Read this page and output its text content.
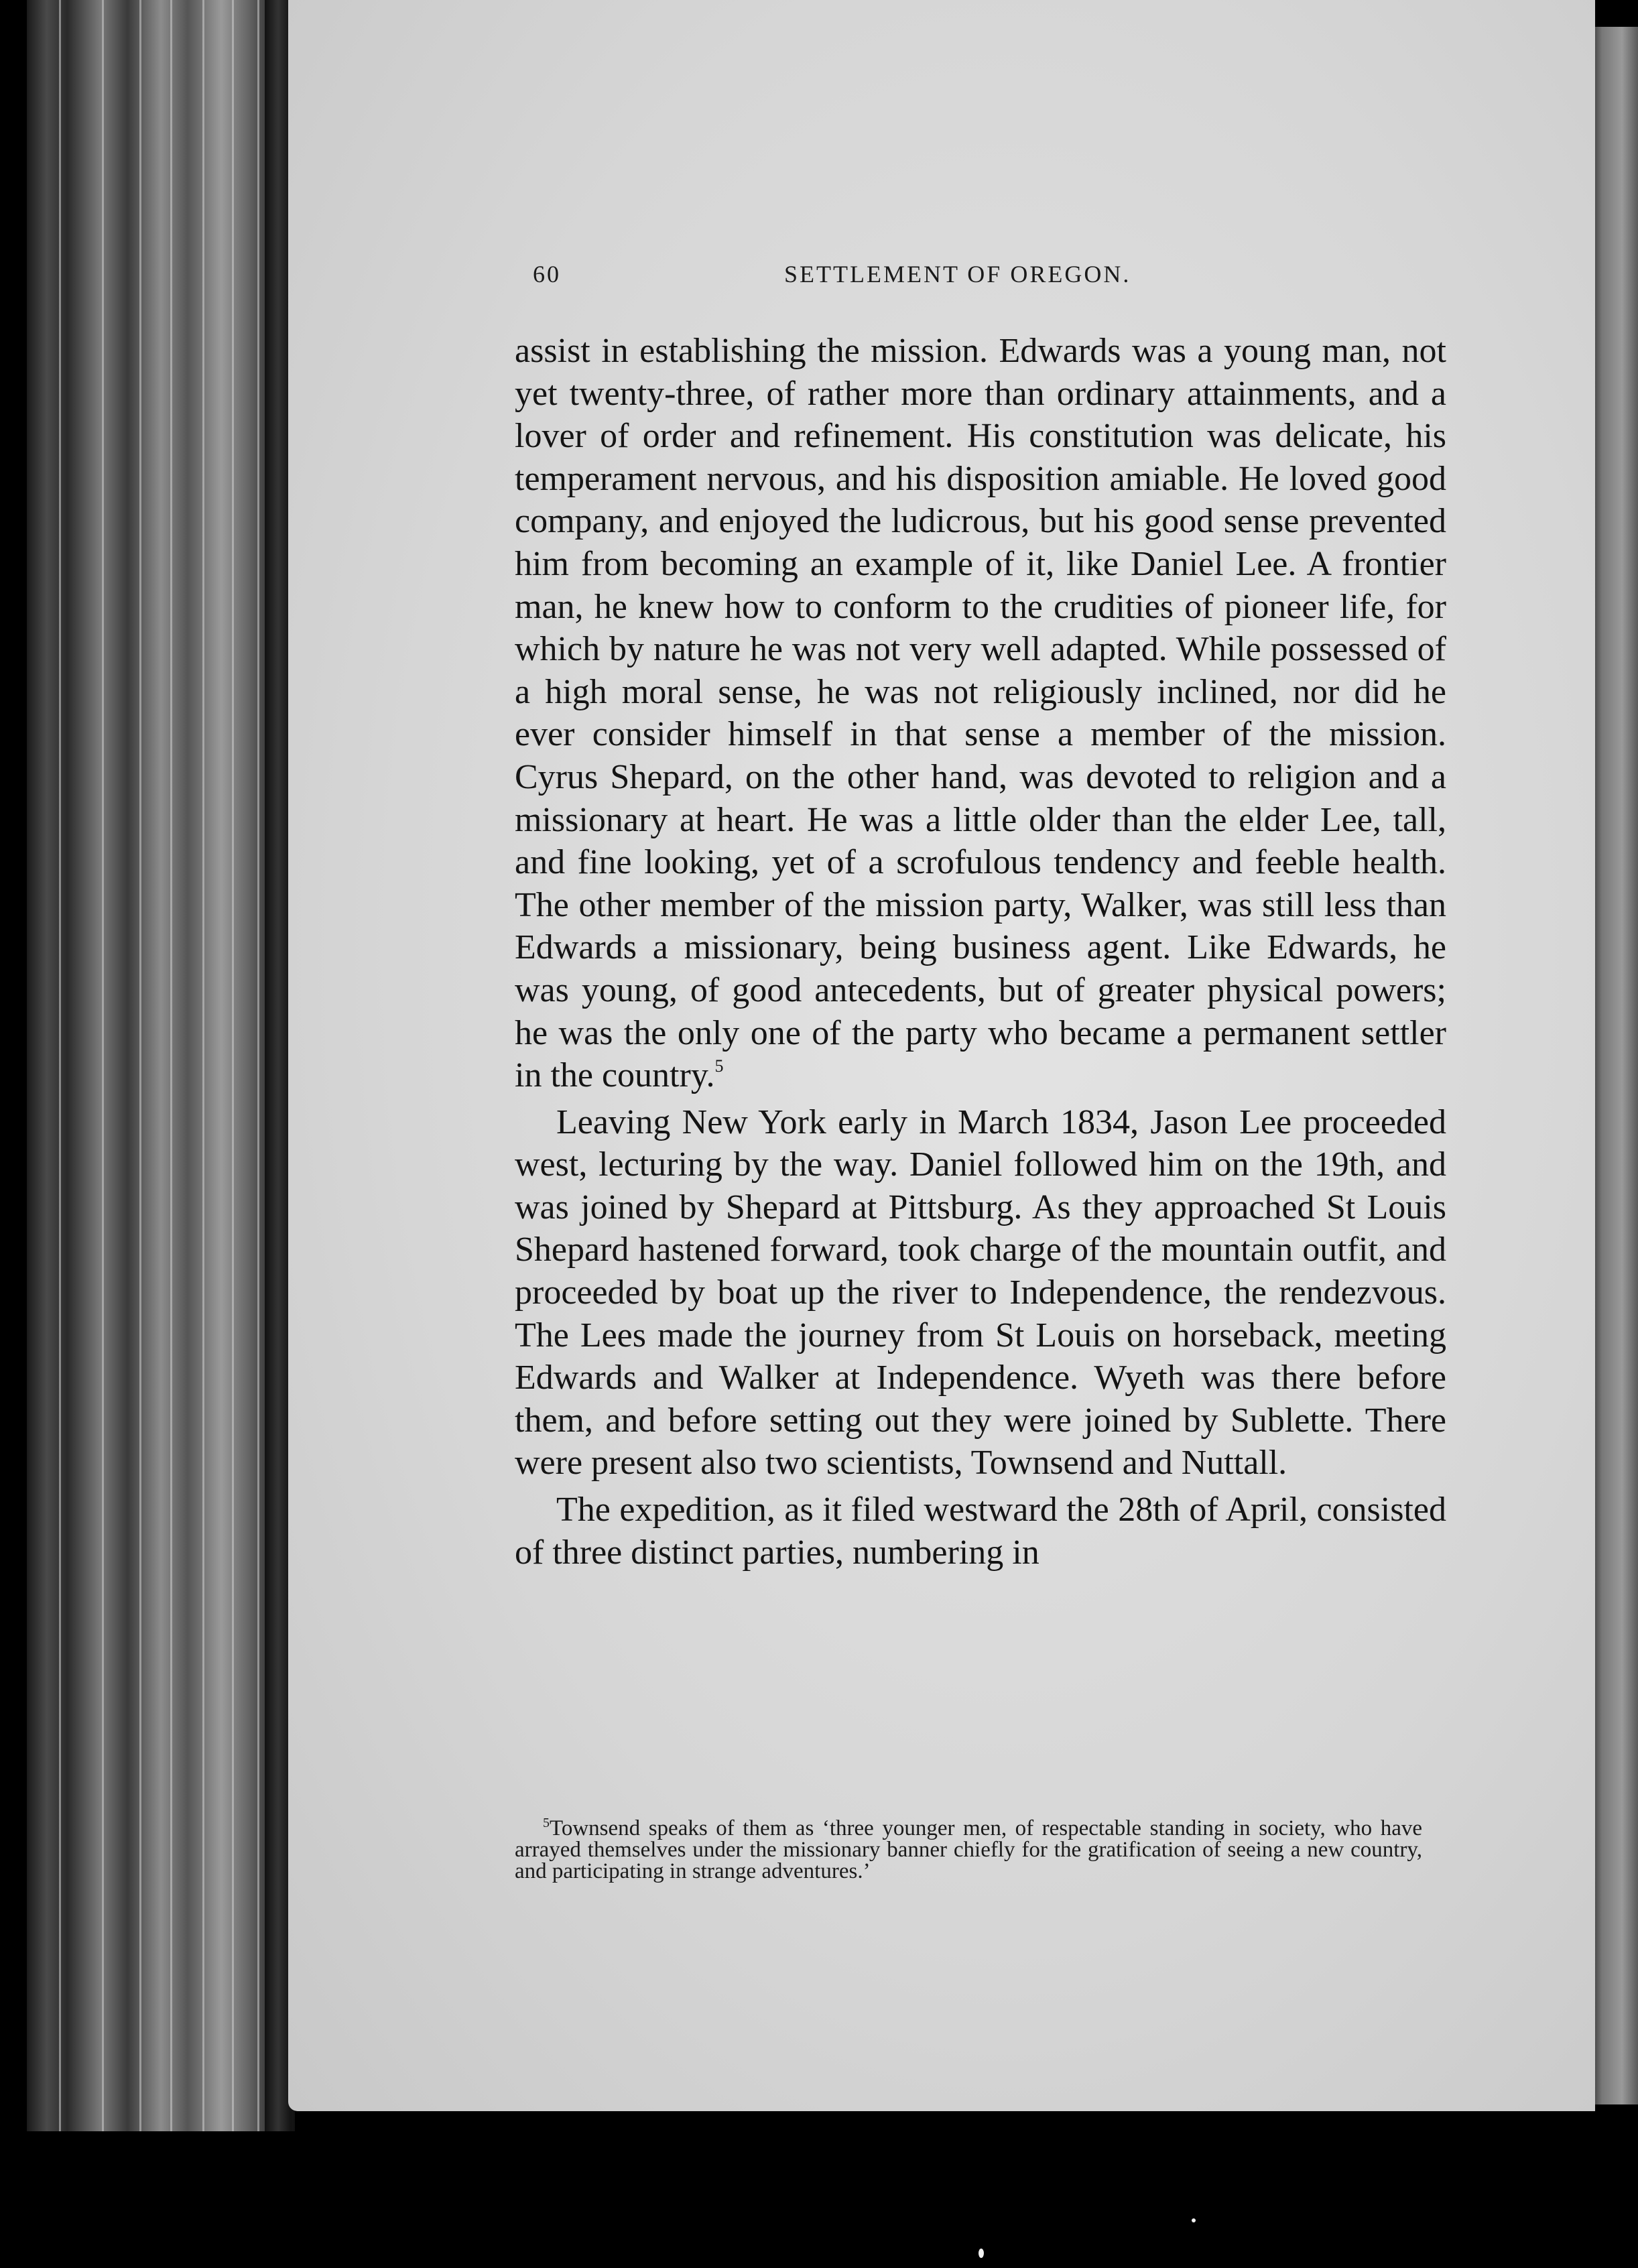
60	SETTLEMENT OF OREGON.

assist in establishing the mission. Edwards was a young man, not yet twenty-three, of rather more than ordinary attainments, and a lover of order and refinement. His constitution was delicate, his temperament nervous, and his disposition amiable. He loved good company, and enjoyed the ludicrous, but his good sense prevented him from becoming an example of it, like Daniel Lee. A frontier man, he knew how to conform to the crudities of pioneer life, for which by nature he was not very well adapted. While possessed of a high moral sense, he was not religiously inclined, nor did he ever consider himself in that sense a member of the mission. Cyrus Shepard, on the other hand, was devoted to religion and a missionary at heart. He was a little older than the elder Lee, tall, and fine looking, yet of a scrofulous tendency and feeble health. The other member of the mission party, Walker, was still less than Edwards a missionary, being business agent. Like Edwards, he was young, of good antecedents, but of greater physical powers; he was the only one of the party who became a permanent settler in the country.$^5$

Leaving New York early in March 1834, Jason Lee proceeded west, lecturing by the way. Daniel followed him on the 19th, and was joined by Shepard at Pittsburg. As they approached St Louis Shepard hastened forward, took charge of the mountain outfit, and proceeded by boat up the river to Independence, the rendezvous. The Lees made the journey from St Louis on horseback, meeting Edwards and Walker at Independence. Wyeth was there before them, and before setting out they were joined by Sublette. There were present also two scientists, Townsend and Nuttall.

The expedition, as it filed westward the 28th of April, consisted of three distinct parties, numbering in

$^5$Townsend speaks of them as ‘three younger men, of respectable standing in society, who have arrayed themselves under the missionary banner chiefly for the gratification of seeing a new country, and participating in strange adventures.’
